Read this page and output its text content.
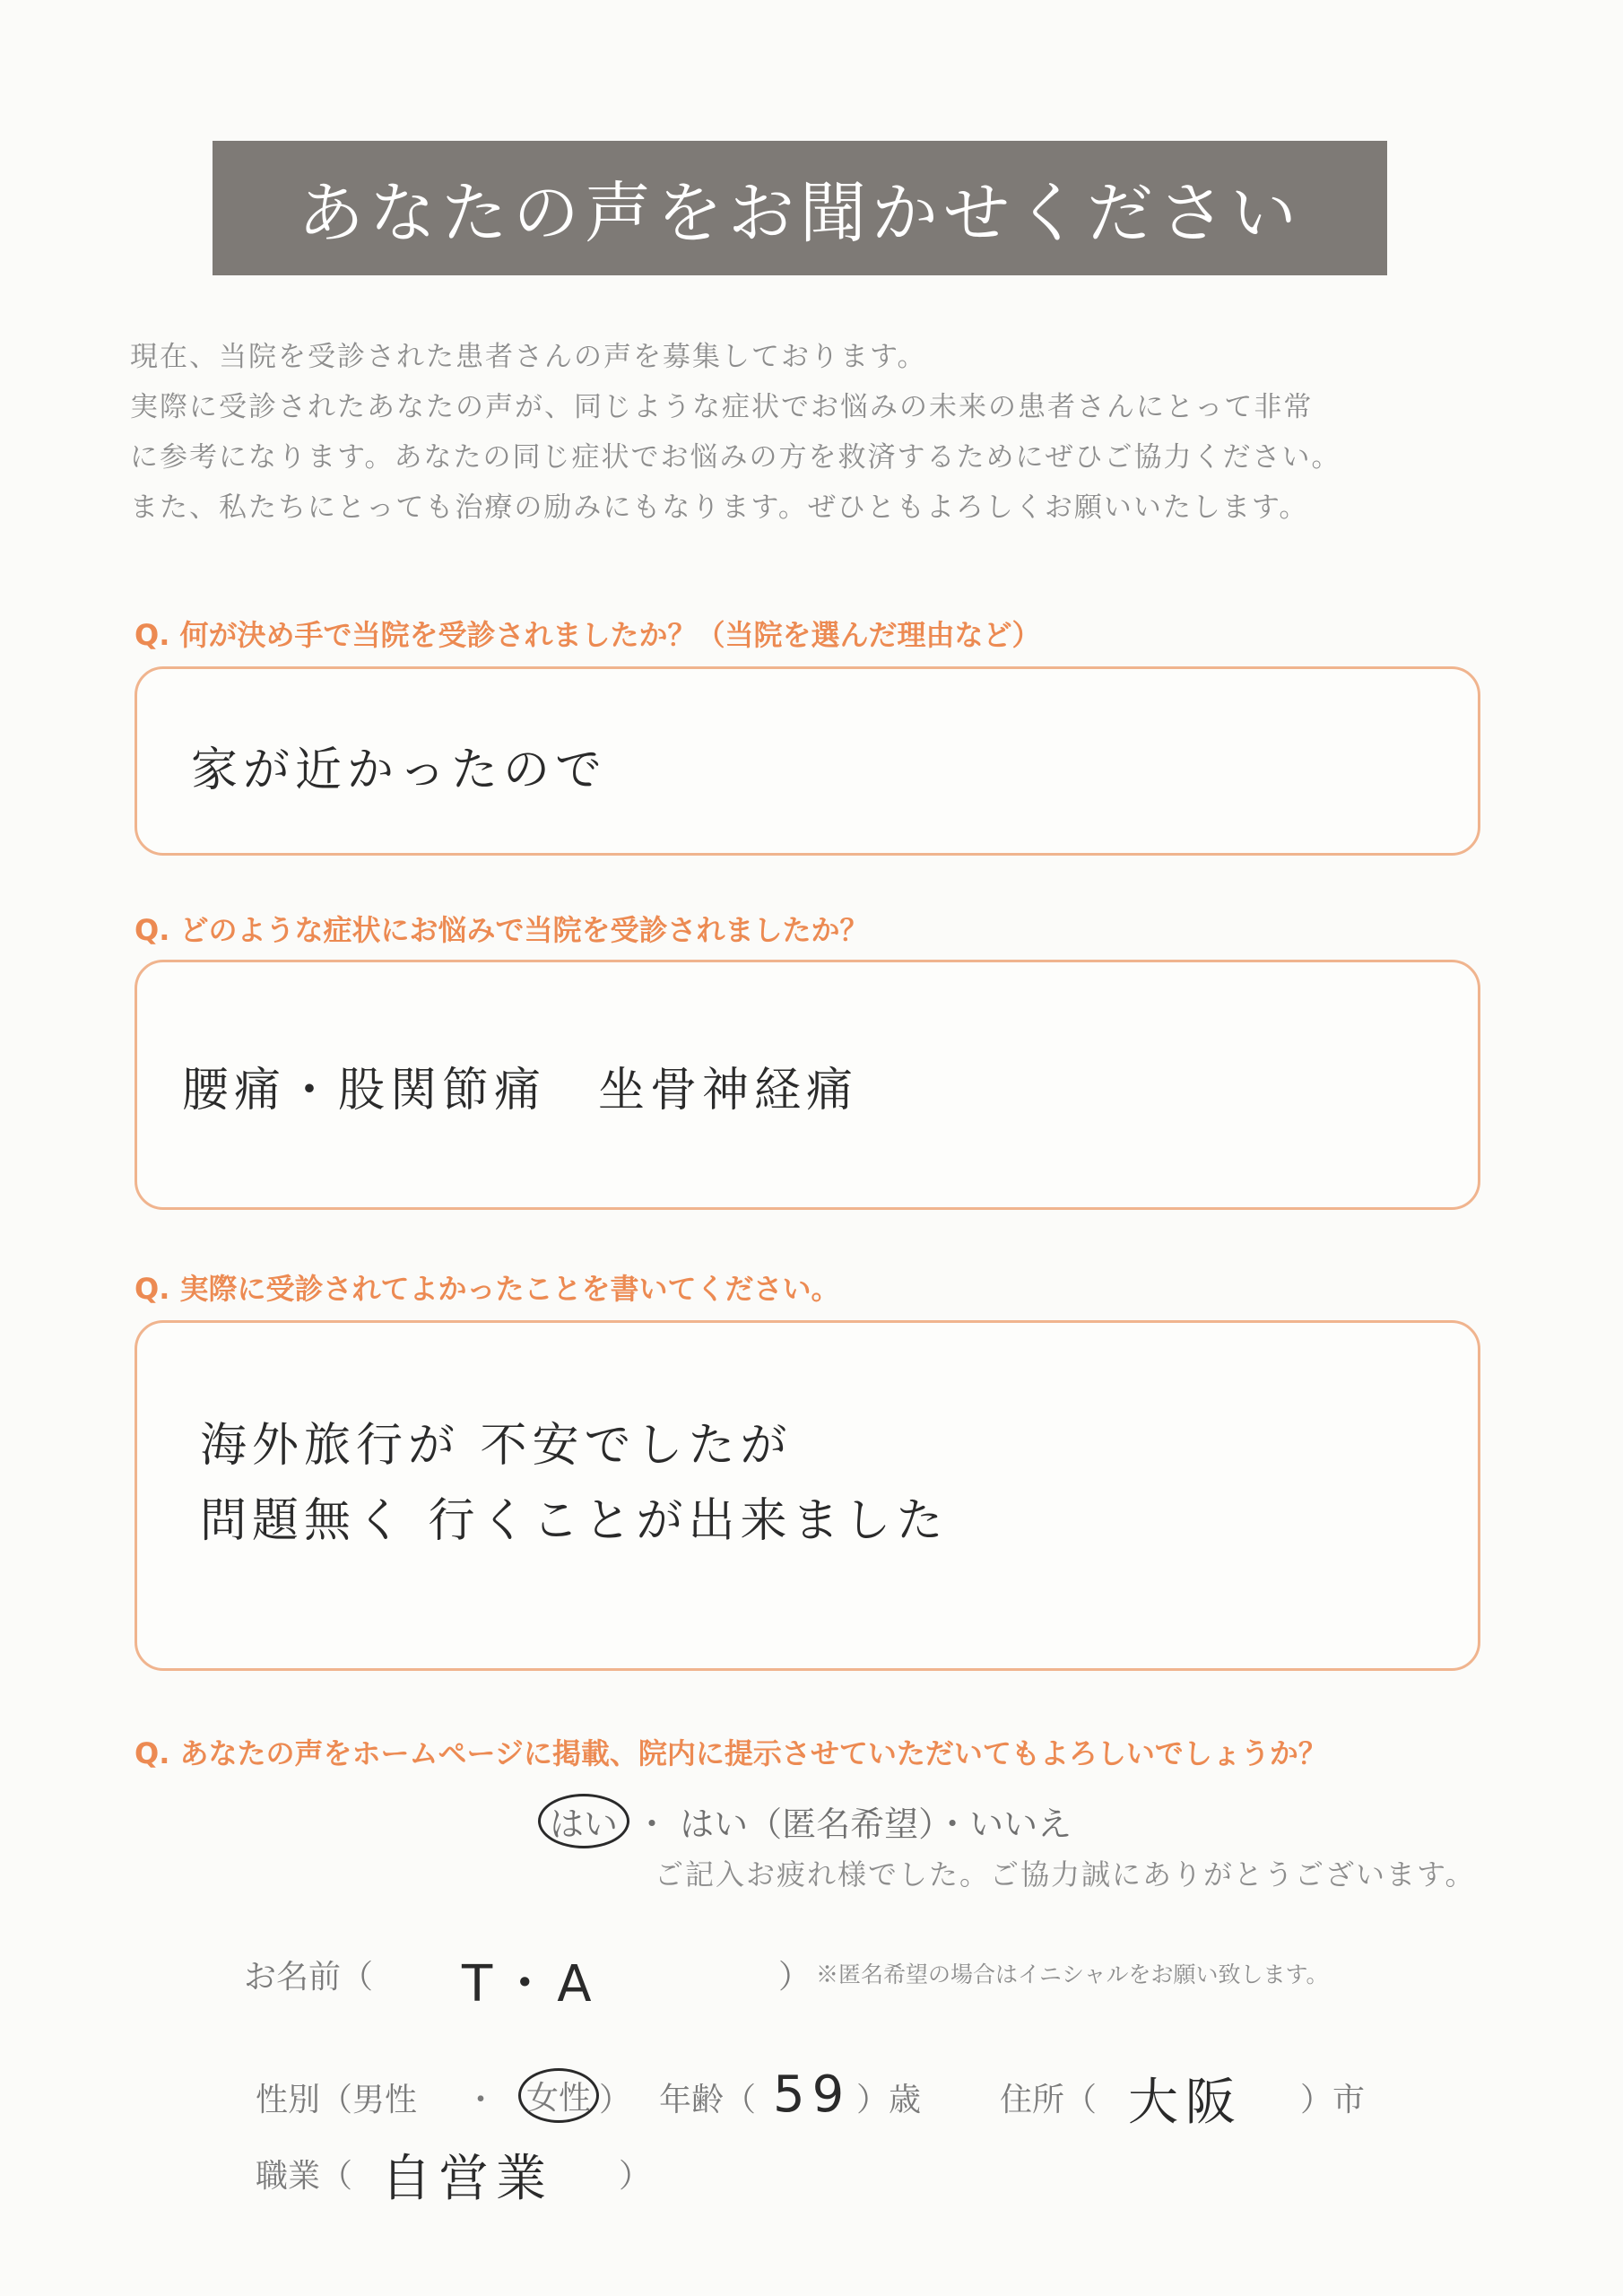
あなたの声をお聞かせください

現在、当院を受診された患者さんの声を募集しております。

実際に受診されたあなたの声が、同じような症状でお悩みの未来の患者さんにとって非常

に参考になります。あなたの同じ症状でお悩みの方を救済するためにぜひご協力ください。

また、私たちにとっても治療の励みにもなります。ぜひともよろしくお願いいたします。

Q. 何が決め手で当院を受診されましたか？（当院を選んだ理由など）
家が近かったので
Q. どのような症状にお悩みで当院を受診されましたか？
腰痛・股関節痛　坐骨神経痛
Q. 実際に受診されてよかったことを書いてください。
海外旅行が 不安でしたが
問題無く 行くことが出来ました
Q. あなたの声をホームページに掲載、院内に提示させていただいてもよろしいでしょうか？
はい ・ はい（匿名希望）・いいえ
ご記入お疲れ様でした。ご協力誠にありがとうございます。
お名前（ T・A	） ※匿名希望の場合はイニシャルをお願い致します。
性別（男性 ・ 女性 ） 年齢（ 59 ）歳 住所（ 大阪 ）市
職業（ 自営業 ）
